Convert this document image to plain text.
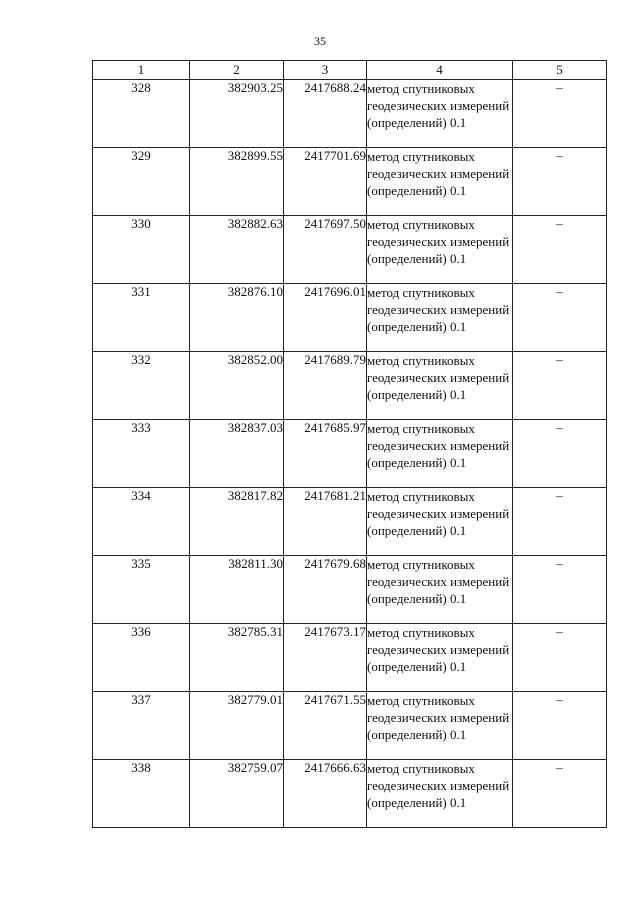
35
1	2	3	4	5
328	382903.25	2417688.24	метод спутниковых геодезических измерений (определений) 0.1	–
329	382899.55	2417701.69	метод спутниковых геодезических измерений (определений) 0.1	–
330	382882.63	2417697.50	метод спутниковых геодезических измерений (определений) 0.1	–
331	382876.10	2417696.01	метод спутниковых геодезических измерений (определений) 0.1	–
332	382852.00	2417689.79	метод спутниковых геодезических измерений (определений) 0.1	–
333	382837.03	2417685.97	метод спутниковых геодезических измерений (определений) 0.1	–
334	382817.82	2417681.21	метод спутниковых геодезических измерений (определений) 0.1	–
335	382811.30	2417679.68	метод спутниковых геодезических измерений (определений) 0.1	–
336	382785.31	2417673.17	метод спутниковых геодезических измерений (определений) 0.1	–
337	382779.01	2417671.55	метод спутниковых геодезических измерений (определений) 0.1	–
338	382759.07	2417666.63	метод спутниковых геодезических измерений (определений) 0.1	–
